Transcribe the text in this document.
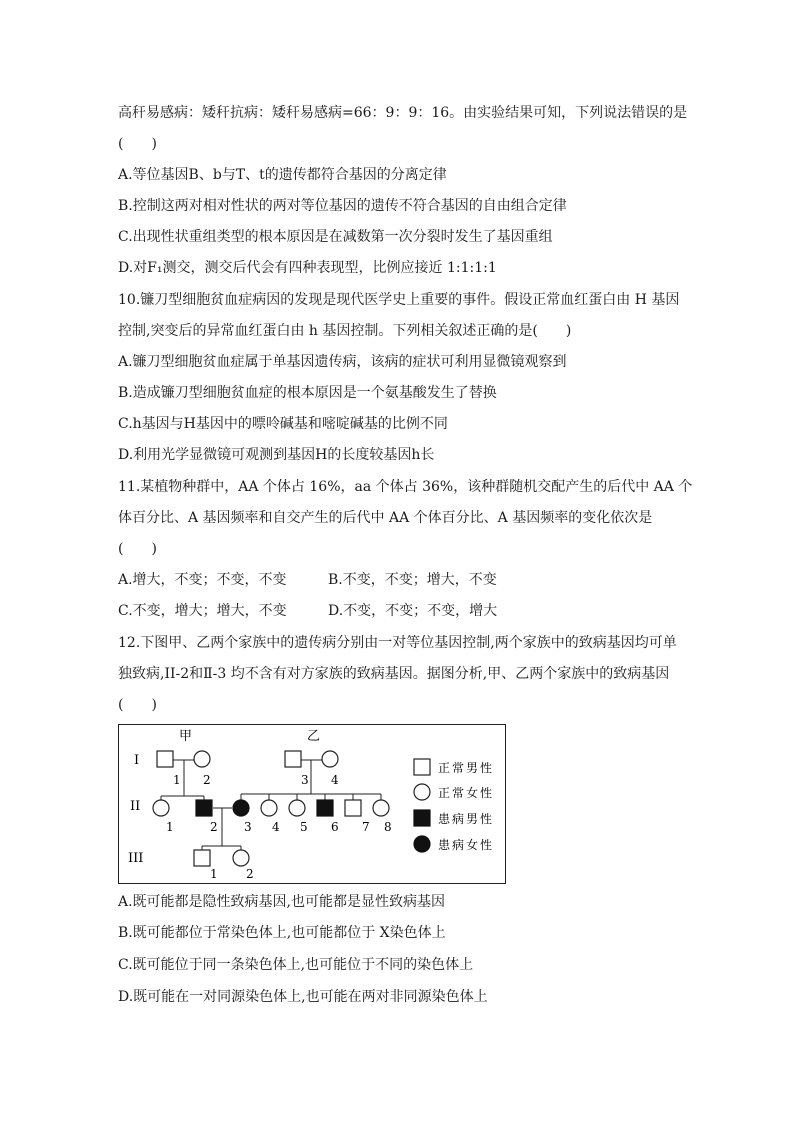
高秆易感病：矮秆抗病：矮秆易感病=66：9：9：16。由实验结果可知，下列说法错误的是
(　　)
A.等位基因B、b与T、t的遗传都符合基因的分离定律
B.控制这两对相对性状的两对等位基因的遗传不符合基因的自由组合定律
C.出现性状重组类型的根本原因是在减数第一次分裂时发生了基因重组
D.对F₁测交，测交后代会有四种表现型，比例应接近 1:1:1:1
10.镰刀型细胞贫血症病因的发现是现代医学史上重要的事件。假设正常血红蛋白由 H 基因
控制,突变后的异常血红蛋白由 h 基因控制。下列相关叙述正确的是(　　)
A.镰刀型细胞贫血症属于单基因遗传病，该病的症状可利用显微镜观察到
B.造成镰刀型细胞贫血症的根本原因是一个氨基酸发生了替换
C.h基因与H基因中的嘌呤碱基和嘧啶碱基的比例不同
D.利用光学显微镜可观测到基因H的长度较基因h长
11.某植物种群中，AA 个体占 16%，aa 个体占 36%，该种群随机交配产生的后代中 AA 个
体百分比、A 基因频率和自交产生的后代中 AA 个体百分比、A 基因频率的变化依次是
(　　)
A.增大，不变；不变，不变	B.不变，不变；增大，不变
C.不变，增大；增大，不变	D.不变，不变；不变，增大
12.下图甲、乙两个家族中的遗传病分别由一对等位基因控制,两个家族中的致病基因均可单
独致病,II-2和Ⅱ-3 均不含有对方家族的致病基因。据图分析,甲、乙两个家族中的致病基因
(　　)
甲	乙
I
II
III
1 2	3 4
1	2 3 4 5 6 7 8
1 2
正常男性
正常女性
患病男性
患病女性
A.既可能都是隐性致病基因,也可能都是显性致病基因
B.既可能都位于常染色体上,也可能都位于 X染色体上
C.既可能位于同一条染色体上,也可能位于不同的染色体上
D.既可能在一对同源染色体上,也可能在两对非同源染色体上
